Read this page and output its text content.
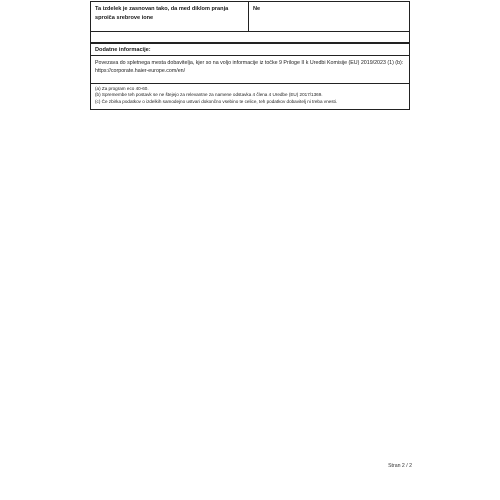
Ta izdelek je zasnovan tako, da med diklom pranja sproiča srebrove ione
Ne
Dodatne informacije:
Povezava do spletnega mesta dobavitelja, kjer so na voljo informacije iz točke 9 Priloge II k Uredbi Komisije (EU) 2019/2023 (1) (b): https://corporate.haier-europe.com/en/
(a) Za program eco 40-60.
(b) Spremembe teh postavk se ne štejejo za relevantne za namene odstavka 4 člena 4 Uredbe (EU) 2017/1369.
(c) Če zbirka podatkov o izdelkih samodejno ustvari dokončno vsebino te celice, teh podatkov dobavitelj ni treba vnesti.
Stran 2 / 2
